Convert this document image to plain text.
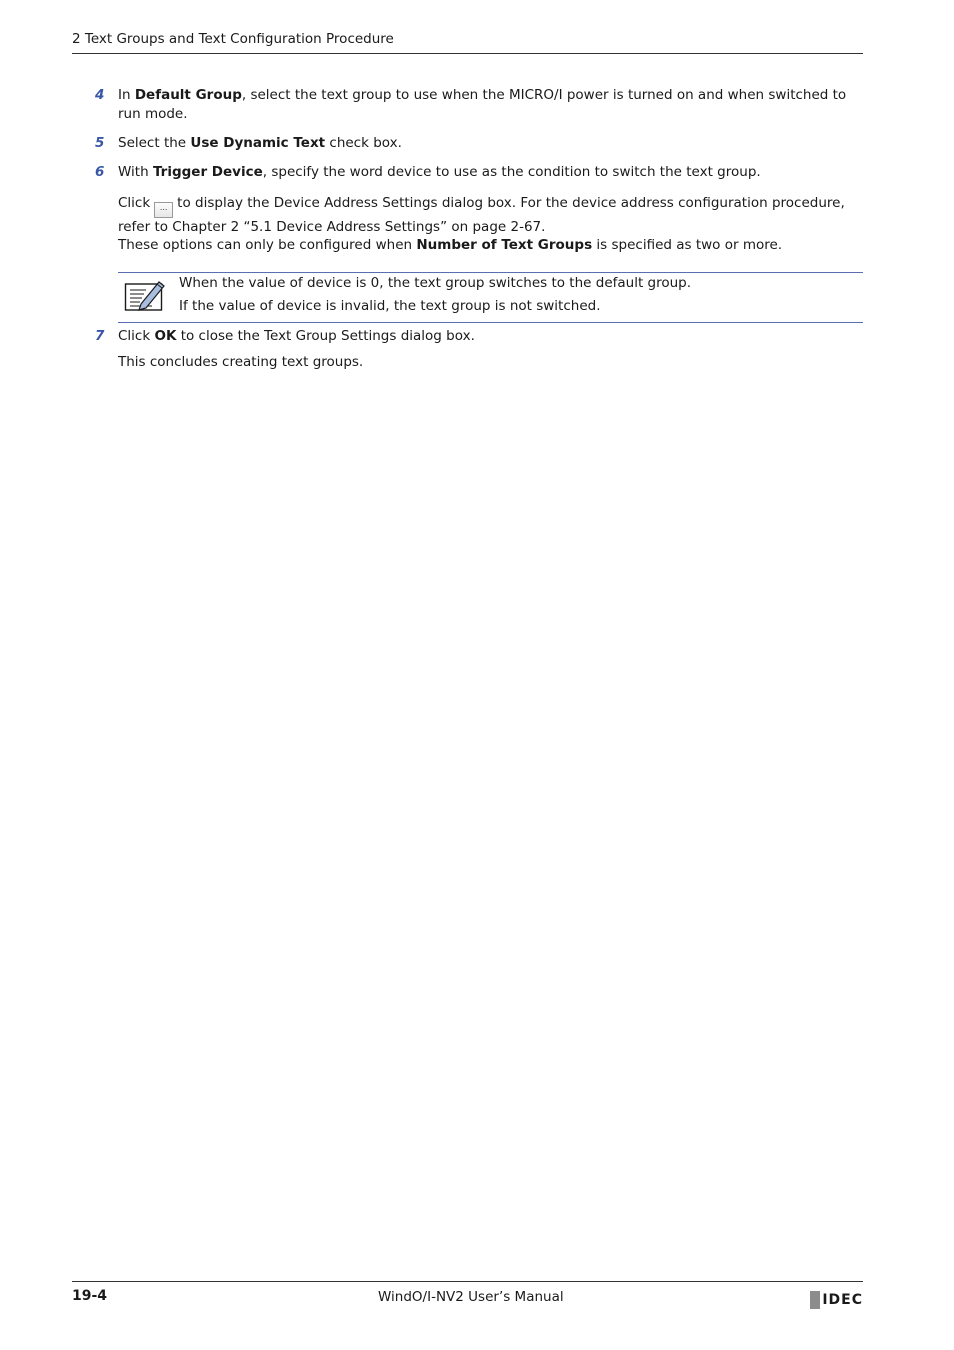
2 Text Groups and Text Configuration Procedure
4 In Default Group, select the text group to use when the MICRO/I power is turned on and when switched to run mode.
5 Select the Use Dynamic Text check box.
6 With Trigger Device, specify the word device to use as the condition to switch the text group.
Click ... to display the Device Address Settings dialog box. For the device address configuration procedure, refer to Chapter 2 “5.1 Device Address Settings” on page 2-67.
These options can only be configured when Number of Text Groups is specified as two or more.
When the value of device is 0, the text group switches to the default group.
If the value of device is invalid, the text group is not switched.
7 Click OK to close the Text Group Settings dialog box.
This concludes creating text groups.
19-4	WindO/I-NV2 User’s Manual	IDEC
